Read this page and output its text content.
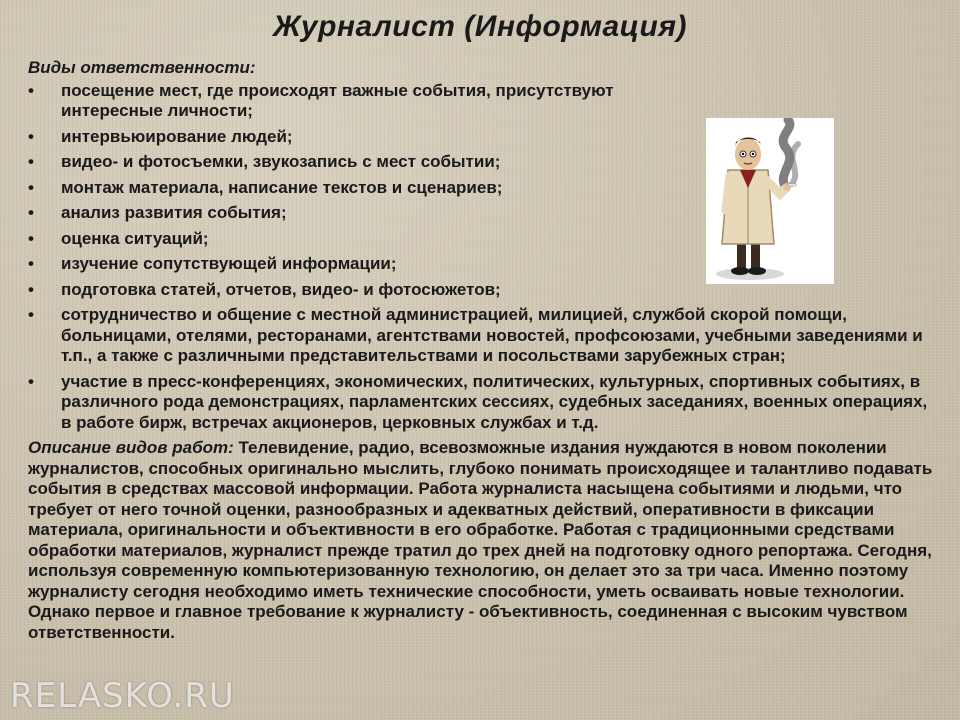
Журналист (Информация)
Виды ответственности:
• посещение мест, где происходят важные события, присутствуют интересные личности;
• интервьюирование людей;
• видео- и фотосъемки, звукозапись с мест событии;
• монтаж материала, написание текстов и сценариев;
• анализ развития события;
• оценка ситуаций;
• изучение сопутствующей информации;
• подготовка статей, отчетов, видео- и фотосюжетов;
• сотрудничество и общение с местной администрацией, милицией, службой скорой помощи, больницами, отелями, ресторанами, агентствами новостей, профсоюзами, учебными заведениями и т.п., а также с различными представительствами и посольствами зарубежных стран;
• участие в пресс-конференциях, экономических, политических, культурных, спортивных событиях, в различного рода демонстрациях, парламентских сессиях, судебных заседаниях, военных операциях, в работе бирж, встречах акционеров, церковных службах и т.д.
Описание видов работ: Телевидение, радио, всевозможные издания нуждаются в новом поколении журналистов, способных оригинально мыслить, глубоко понимать происходящее и талантливо подавать события в средствах массовой информации. Работа журналиста насыщена событиями и людьми, что требует от него точной оценки, разнообразных и адекватных действий, оперативности в фиксации материала, оригинальности и объективности в его обработке. Работая с традиционными средствами обработки материалов, журналист прежде тратил до трех дней на подготовку одного репортажа. Сегодня, используя современную компьютеризованную технологию, он делает это за три часа. Именно поэтому журналисту сегодня необходимо иметь технические способности, уметь осваивать новые технологии. Однако первое и главное требование к журналисту - объективность, соединенная с высоким чувством ответственности.
RELASKO.RU
